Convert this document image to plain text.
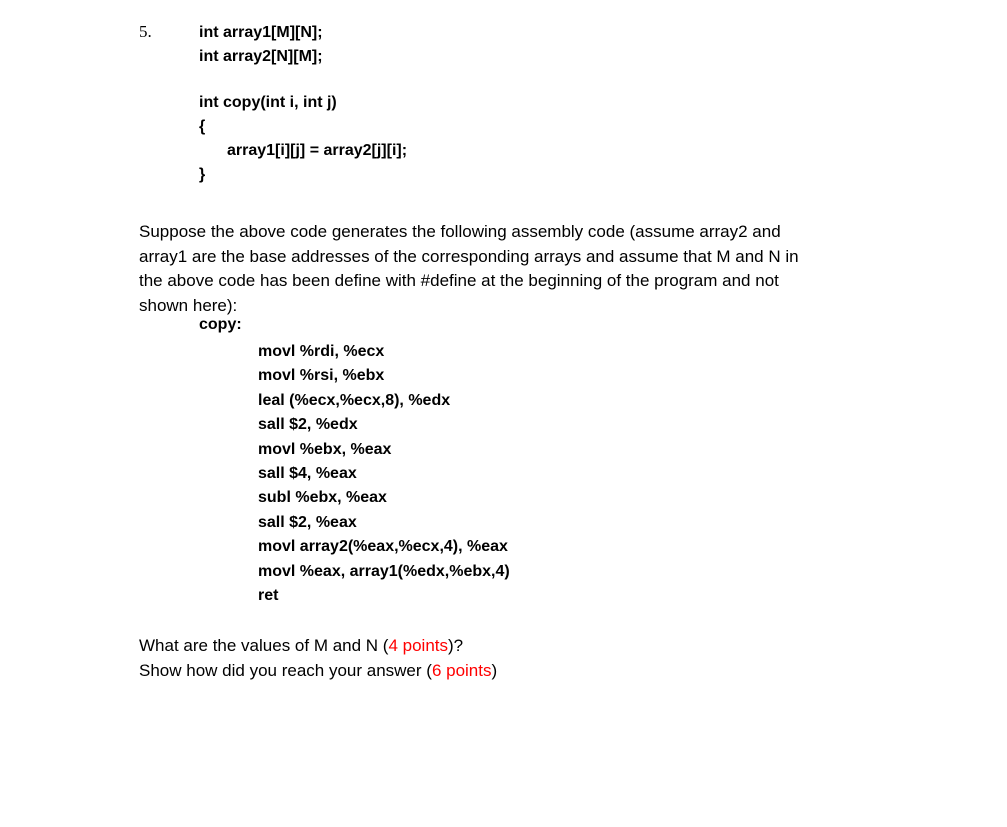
5.	int array1[M][N];
int array2[N][M];
int copy(int i, int j)
{
array1[i][j] = array2[j][i];
}
Suppose the above code generates the following assembly code (assume array2 and
array1 are the base addresses of the corresponding arrays and assume that M and N in
the above code has been define with #define at the beginning of the program and not
shown here):
copy:
movl %rdi, %ecx
movl %rsi, %ebx
leal (%ecx,%ecx,8), %edx
sall $2, %edx
movl %ebx, %eax
sall $4, %eax
subl %ebx, %eax
sall $2, %eax
movl array2(%eax,%ecx,4), %eax
movl %eax, array1(%edx,%ebx,4)
ret
What are the values of M and N (4 points)?
Show how did you reach your answer (6 points)
